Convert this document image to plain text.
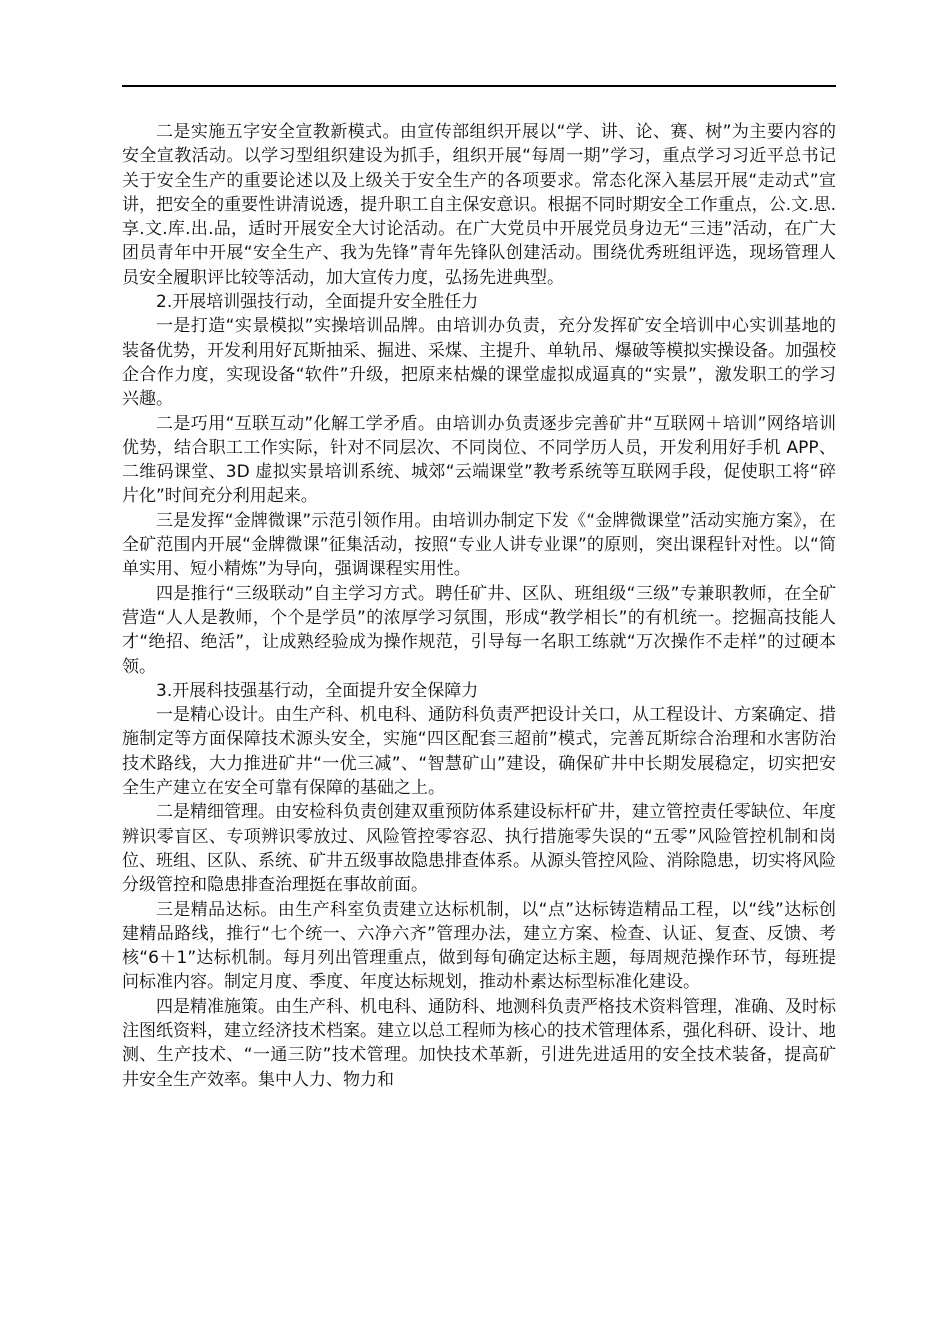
二是实施五字安全宣教新模式。由宣传部组织开展以“学、讲、论、赛、树”为主要内容的安全宣教活动。以学习型组织建设为抓手，组织开展“每周一期”学习，重点学习习近平总书记关于安全生产的重要论述以及上级关于安全生产的各项要求。常态化深入基层开展“走动式”宣讲，把安全的重要性讲清说透，提升职工自主保安意识。根据不同时期安全工作重点，公.文.思.享.文.库.出.品，适时开展安全大讨论活动。在广大党员中开展党员身边无“三违”活动，在广大团员青年中开展“安全生产、我为先锋”青年先锋队创建活动。围绕优秀班组评选，现场管理人员安全履职评比较等活动，加大宣传力度，弘扬先进典型。

2.开展培训强技行动，全面提升安全胜任力

一是打造“实景模拟”实操培训品牌。由培训办负责，充分发挥矿安全培训中心实训基地的装备优势，开发利用好瓦斯抽采、掘进、采煤、主提升、单轨吊、爆破等模拟实操设备。加强校企合作力度，实现设备“软件”升级，把原来枯燥的课堂虚拟成逼真的“实景”，激发职工的学习兴趣。

二是巧用“互联互动”化解工学矛盾。由培训办负责逐步完善矿井“互联网＋培训”网络培训优势，结合职工工作实际，针对不同层次、不同岗位、不同学历人员，开发利用好手机 APP、二维码课堂、3D 虚拟实景培训系统、城郊“云端课堂”教考系统等互联网手段，促使职工将“碎片化”时间充分利用起来。

三是发挥“金牌微课”示范引领作用。由培训办制定下发《“金牌微课堂”活动实施方案》，在全矿范围内开展“金牌微课”征集活动，按照“专业人讲专业课”的原则，突出课程针对性。以“简单实用、短小精炼”为导向，强调课程实用性。

四是推行“三级联动”自主学习方式。聘任矿井、区队、班组级“三级”专兼职教师，在全矿营造“人人是教师，个个是学员”的浓厚学习氛围，形成“教学相长”的有机统一。挖掘高技能人才“绝招、绝活”，让成熟经验成为操作规范，引导每一名职工练就“万次操作不走样”的过硬本领。

3.开展科技强基行动，全面提升安全保障力

一是精心设计。由生产科、机电科、通防科负责严把设计关口，从工程设计、方案确定、措施制定等方面保障技术源头安全，实施“四区配套三超前”模式，完善瓦斯综合治理和水害防治技术路线，大力推进矿井“一优三减”、“智慧矿山”建设，确保矿井中长期发展稳定，切实把安全生产建立在安全可靠有保障的基础之上。

二是精细管理。由安检科负责创建双重预防体系建设标杆矿井，建立管控责任零缺位、年度辨识零盲区、专项辨识零放过、风险管控零容忍、执行措施零失误的“五零”风险管控机制和岗位、班组、区队、系统、矿井五级事故隐患排查体系。从源头管控风险、消除隐患，切实将风险分级管控和隐患排查治理挺在事故前面。

三是精品达标。由生产科室负责建立达标机制，以“点”达标铸造精品工程，以“线”达标创建精品路线，推行“七个统一、六净六齐”管理办法，建立方案、检查、认证、复查、反馈、考核“6＋1”达标机制。每月列出管理重点，做到每旬确定达标主题，每周规范操作环节，每班提问标准内容。制定月度、季度、年度达标规划，推动朴素达标型标准化建设。

四是精准施策。由生产科、机电科、通防科、地测科负责严格技术资料管理，准确、及时标注图纸资料，建立经济技术档案。建立以总工程师为核心的技术管理体系，强化科研、设计、地测、生产技术、“一通三防”技术管理。加快技术革新，引进先进适用的安全技术装备，提高矿井安全生产效率。集中人力、物力和
